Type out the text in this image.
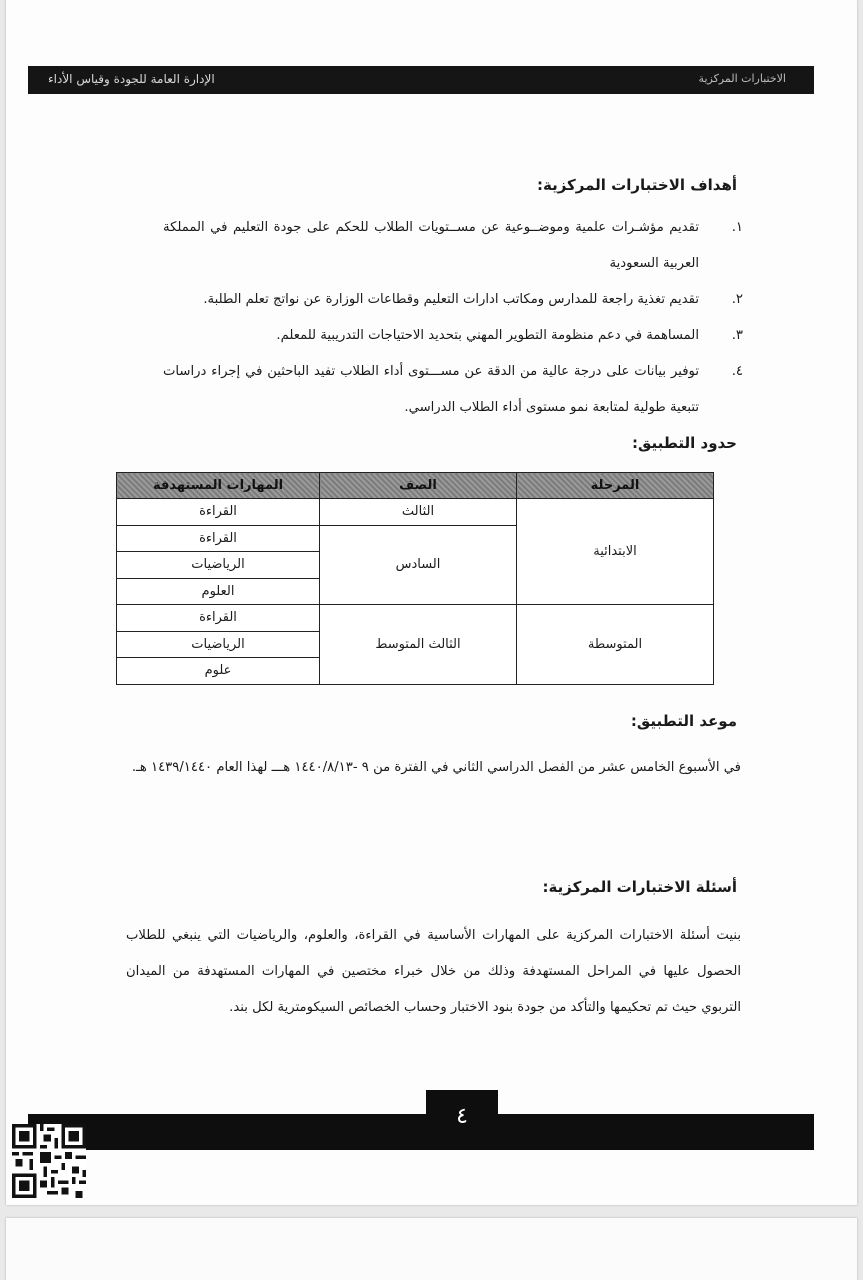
الإدارة العامة للجودة وقياس الأداء	الاختبارات المركزية
أهداف الاختبارات المركزية:
١.
تقديم مؤشـرات علمية وموضــوعية عن مســتويات الطلاب للحكم على جودة التعليم في المملكة العربية السعودية
٢.
تقديم تغذية راجعة للمدارس ومكاتب ادارات التعليم وقطاعات الوزارة عن نواتج تعلم الطلبة.
٣.
المساهمة في دعم منظومة التطوير المهني بتحديد الاحتياجات التدريبية للمعلم.
٤.
توفير بيانات على درجة عالية من الدقة عن مســـتوى أداء الطلاب تفيد الباحثين في إجراء دراسات تتبعية طولية لمتابعة نمو مستوى أداء الطلاب الدراسي.
حدود التطبيق:
المرحلة	الصف	المهارات المستهدفة
الابتدائية	الثالث	القراءة
	السادس	القراءة
		الرياضيات
		العلوم
المتوسطة	الثالث المتوسط	القراءة
		الرياضيات
		علوم
موعد التطبيق:

في الأسبوع الخامس عشر من الفصل الدراسي الثاني في الفترة من ٩ -١٤٤٠/٨/١٣ هـــ لهذا العام ١٤٣٩/١٤٤٠ هـ.

أسئلة الاختبارات المركزية:

بنيت أسئلة الاختبارات المركزية على المهارات الأساسية في القراءة، والعلوم، والرياضيات التي ينبغي للطلاب الحصول عليها في المراحل المستهدفة وذلك من خلال خبراء مختصين في المهارات المستهدفة من الميدان التربوي حيث تم تحكيمها والتأكد من جودة بنود الاختبار وحساب الخصائص السيكومترية لكل بند.

٤
